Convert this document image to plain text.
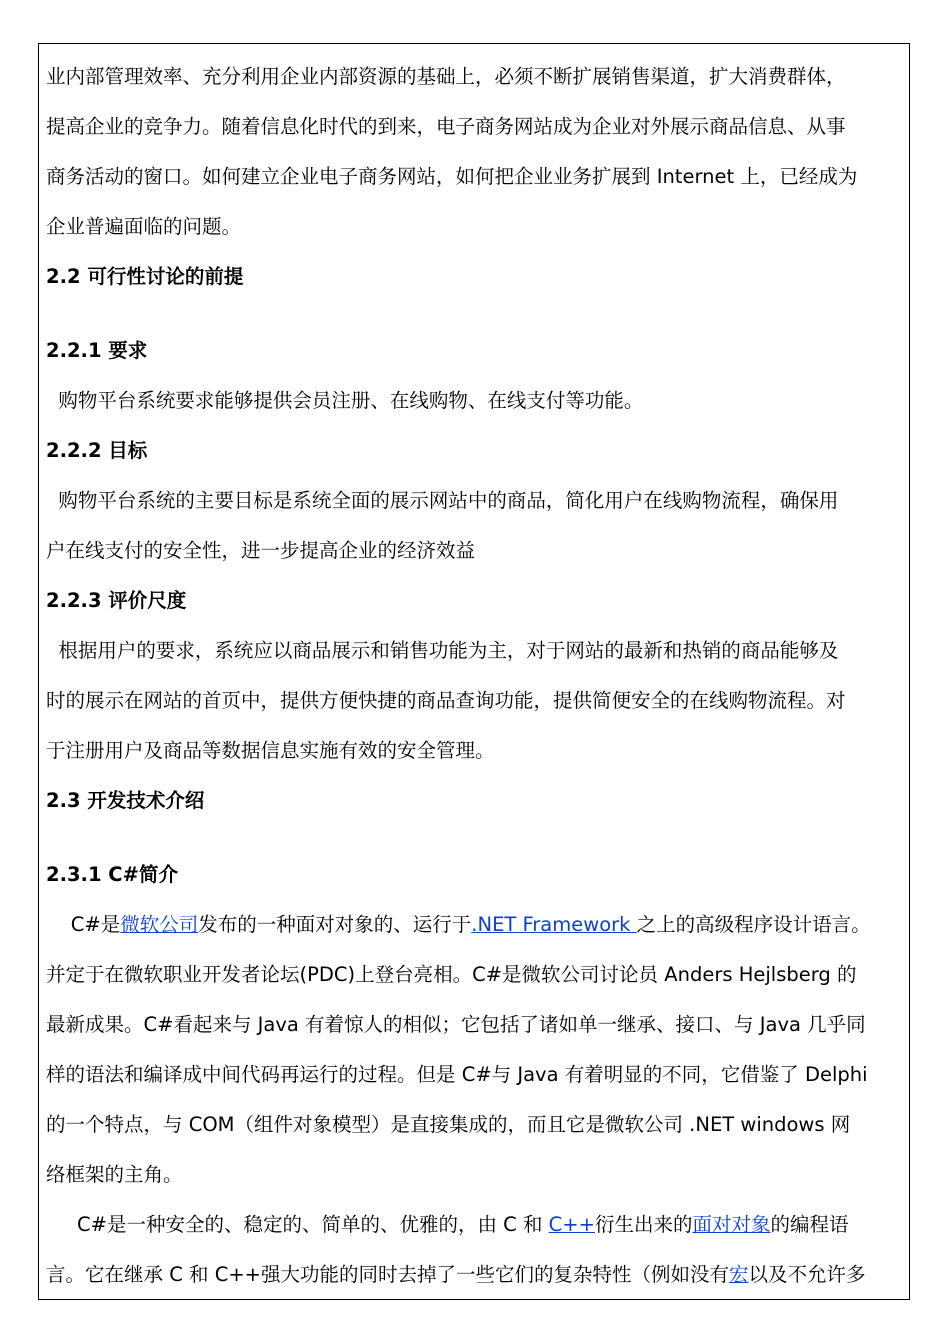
业内部管理效率、充分利用企业内部资源的基础上，必须不断扩展销售渠道，扩大消费群体，
提高企业的竞争力。随着信息化时代的到来，电子商务网站成为企业对外展示商品信息、从事
商务活动的窗口。如何建立企业电子商务网站，如何把企业业务扩展到 Internet 上，已经成为
企业普遍面临的问题。
2.2 可行性讨论的前提
2.2.1 要求
购物平台系统要求能够提供会员注册、在线购物、在线支付等功能。
2.2.2 目标
购物平台系统的主要目标是系统全面的展示网站中的商品，简化用户在线购物流程，确保用
户在线支付的安全性，进一步提高企业的经济效益
2.2.3 评价尺度
根据用户的要求，系统应以商品展示和销售功能为主，对于网站的最新和热销的商品能够及
时的展示在网站的首页中，提供方便快捷的商品查询功能，提供简便安全的在线购物流程。对
于注册用户及商品等数据信息实施有效的安全管理。
2.3 开发技术介绍
2.3.1 C#简介
C#是微软公司发布的一种面对对象的、运行于.NET Framework 之上的高级程序设计语言。
并定于在微软职业开发者论坛(PDC)上登台亮相。C#是微软公司讨论员 Anders Hejlsberg 的
最新成果。C#看起来与 Java 有着惊人的相似；它包括了诸如单一继承、接口、与 Java 几乎同
样的语法和编译成中间代码再运行的过程。但是 C#与 Java 有着明显的不同，它借鉴了 Delphi
的一个特点，与 COM（组件对象模型）是直接集成的，而且它是微软公司 .NET windows 网
络框架的主角。
C#是一种安全的、稳定的、简单的、优雅的，由 C 和 C++衍生出来的面对对象的编程语
言。它在继承 C 和 C++强大功能的同时去掉了一些它们的复杂特性（例如没有宏以及不允许多
